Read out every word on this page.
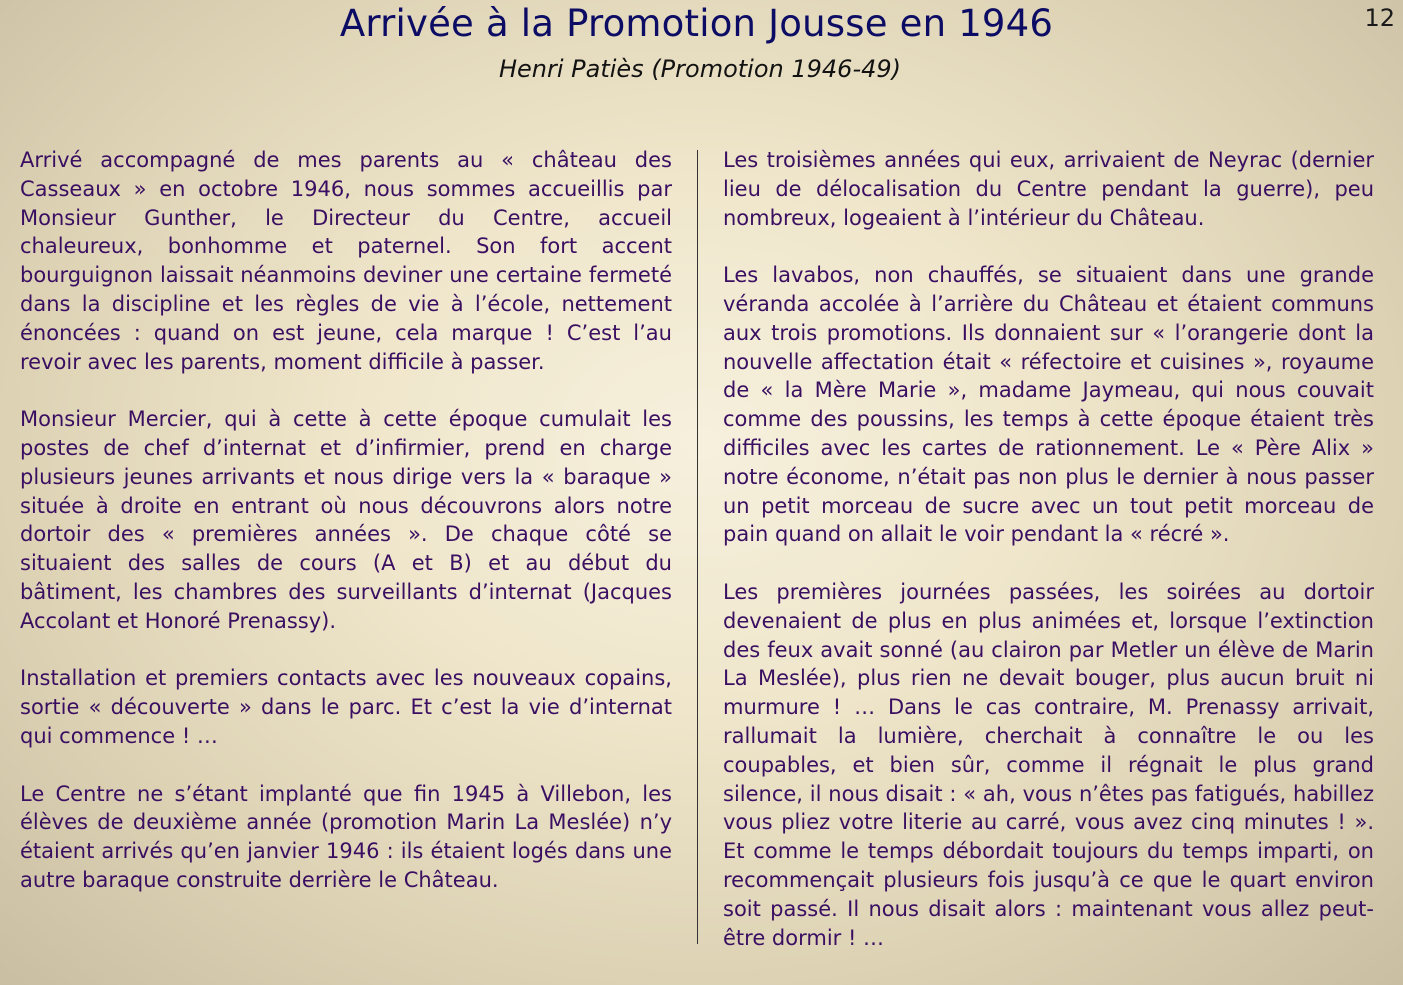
12
Arrivée à la Promotion Jousse en 1946
Henri Patiès (Promotion 1946-49)

Arrivé accompagné de mes parents au « château des Casseaux » en octobre 1946, nous sommes accueillis par Monsieur Gunther, le Directeur du Centre, accueil chaleureux, bonhomme et paternel. Son fort accent bourguignon laissait néanmoins deviner une certaine fermeté dans la discipline et les règles de vie à l’école, nettement énoncées : quand on est jeune, cela marque ! C’est l’au revoir avec les parents, moment difficile à passer.

Monsieur Mercier, qui à cette à cette époque cumulait les postes de chef d’internat et d’infirmier, prend en charge plusieurs jeunes arrivants et nous dirige vers la « baraque » située à droite en entrant où nous découvrons alors notre dortoir des « premières années ». De chaque côté se situaient des salles de cours (A et B) et au début du bâtiment, les chambres des surveillants d’internat (Jacques Accolant et Honoré Prenassy).

Installation et premiers contacts avec les nouveaux copains, sortie « découverte » dans le parc. Et c’est la vie d’internat qui commence ! …

Le Centre ne s’étant implanté que fin 1945 à Villebon, les élèves de deuxième année (promotion Marin La Meslée) n’y étaient arrivés qu’en janvier 1946 : ils étaient logés dans une autre baraque construite derrière le Château.

Les troisièmes années qui eux, arrivaient de Neyrac (dernier lieu de délocalisation du Centre pendant la guerre), peu nombreux, logeaient à l’intérieur du Château.

Les lavabos, non chauffés, se situaient dans une grande véranda accolée à l’arrière du Château et étaient communs aux trois promotions. Ils donnaient sur « l’orangerie dont la nouvelle affectation était « réfectoire et cuisines », royaume de « la Mère Marie », madame Jaymeau, qui nous couvait comme des poussins, les temps à cette époque étaient très difficiles avec les cartes de rationnement. Le « Père Alix » notre économe, n’était pas non plus le dernier à nous passer un petit morceau de sucre avec un tout petit morceau de pain quand on allait le voir pendant la « récré ».

Les premières journées passées, les soirées au dortoir devenaient de plus en plus animées et, lorsque l’extinction des feux avait sonné (au clairon par Metler un élève de Marin La Meslée), plus rien ne devait bouger, plus aucun bruit ni murmure ! … Dans le cas contraire, M. Prenassy arrivait, rallumait la lumière, cherchait à connaître le ou les coupables, et bien sûr, comme il régnait le plus grand silence, il nous disait : « ah, vous n’êtes pas fatigués, habillez vous pliez votre literie au carré, vous avez cinq minutes ! ». Et comme le temps débordait toujours du temps imparti, on recommençait plusieurs fois jusqu’à ce que le quart environ soit passé. Il nous disait alors : maintenant vous allez peut-être dormir ! …
